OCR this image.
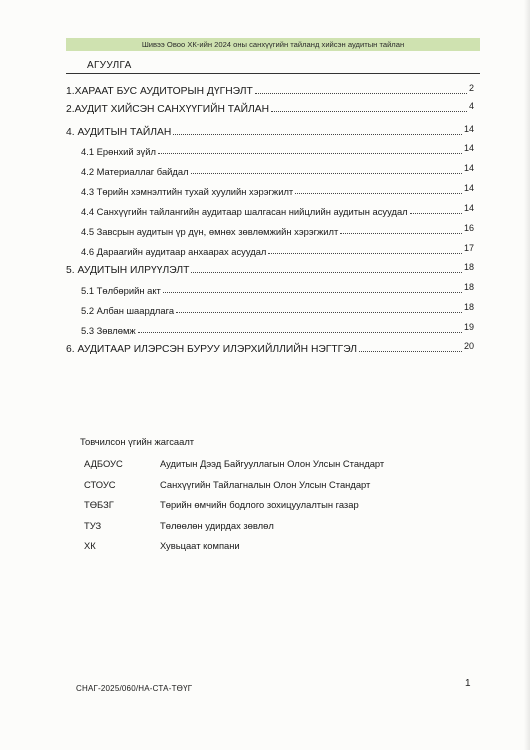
Шивээ Овоо ХК-ийн 2024 оны санхүүгийн тайланд хийсэн аудитын тайлан
АГУУЛГА
1.ХАРААТ БУС АУДИТОРЫН ДҮГНЭЛТ	2
2.АУДИТ ХИЙСЭН САНХҮҮГИЙН ТАЙЛАН	4
4. АУДИТЫН ТАЙЛАН	14
4.1 Ерөнхий зүйл	14
4.2 Материаллаг байдал	14
4.3 Төрийн хэмнэлтийн тухай хуулийн хэрэгжилт	14
4.4 Санхүүгийн тайлангийн аудитаар шалгасан нийцлийн аудитын асуудал	14
4.5 Завсрын аудитын үр дүн, өмнөх зөвлөмжийн хэрэгжилт	16
4.6 Дараагийн аудитаар анхаарах асуудал	17
5. АУДИТЫН ИЛРҮҮЛЭЛТ	18
5.1 Төлбөрийн акт	18
5.2 Албан шаардлага	18
5.3 Зөвлөмж	19
6. АУДИТААР ИЛЭРСЭН БУРУУ ИЛЭРХИЙЛЛИЙН НЭГТГЭЛ	20
Товчилсон үгийн жагсаалт
АДБОУС	Аудитын Дээд Байгууллагын Олон Улсын Стандарт
СТОУС	Санхүүгийн Тайлагналын Олон Улсын Стандарт
ТӨБЗГ	Төрийн өмчийн бодлого зохицуулалтын газар
ТУЗ	Төлөөлөн удирдах зөвлөл
ХК	Хувьцаат компани
СНАГ-2025/060/НА-СТА-ТӨҮГ	1
